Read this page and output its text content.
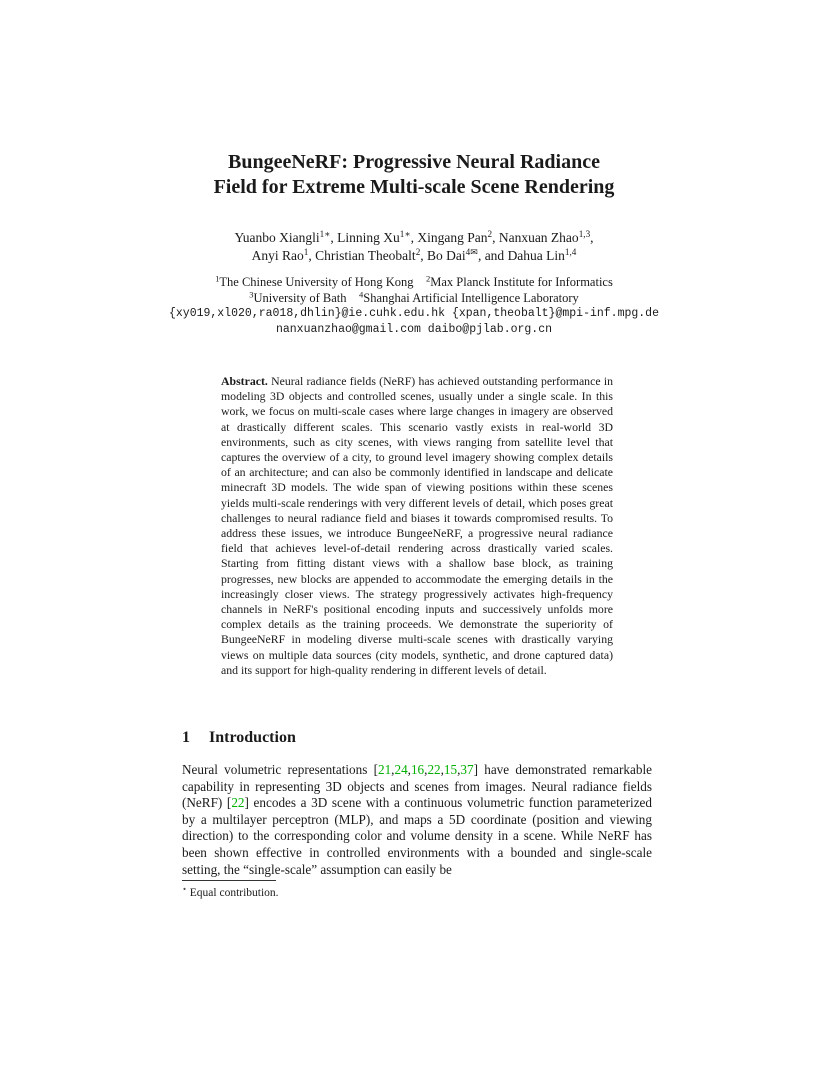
BungeeNeRF: Progressive Neural Radiance
Field for Extreme Multi-scale Scene Rendering
Yuanbo Xiangli$^{1∗}$, Linning $Xu^{1∗}$, Xingang Pan$^2$, Nanxuan Zhao$^{1,3}$,
Anyi Rao$^1$, Christian Theobalt$^2$, Bo Dai$^{4✉}$, and Dahua Lin$^{1,4}$
$^1$The Chinese University of Hong Kong $^2$Max Planck Institute for Informatics
$^3$University of Bath $^4$Shanghai Artificial Intelligence Laboratory
{xy019,xl020,ra018,dhlin}@ie.cuhk.edu.hk {xpan,theobalt}@mpi-inf.mpg.de
nanxuanzhao@gmail.com daibo@pjlab.org.cn
Abstract. Neural radiance fields (NeRF) has achieved outstanding performance in modeling 3D objects and controlled scenes, usually under a single scale. In this work, we focus on multi-scale cases where large changes in imagery are observed at drastically different scales. This scenario vastly exists in real-world 3D environments, such as city scenes, with views ranging from satellite level that captures the overview of a city, to ground level imagery showing complex details of an architecture; and can also be commonly identified in landscape and delicate minecraft 3D models. The wide span of viewing positions within these scenes yields multi-scale renderings with very different levels of detail, which poses great challenges to neural radiance field and biases it towards compromised results. To address these issues, we introduce BungeeNeRF, a progressive neural radiance field that achieves level-of-detail rendering across drastically varied scales. Starting from fitting distant views with a shallow base block, as training progresses, new blocks are appended to accommodate the emerging details in the increasingly closer views. The strategy progressively activates high-frequency channels in NeRF's positional encoding inputs and successively unfolds more complex details as the training proceeds. We demonstrate the superiority of BungeeNeRF in modeling diverse multi-scale scenes with drastically varying views on multiple data sources (city models, synthetic, and drone captured data) and its support for high-quality rendering in different levels of detail.
1 Introduction
Neural volumetric representations [21,24,16,22,15,37] have demonstrated remarkable capability in representing 3D objects and scenes from images. Neural radiance fields (NeRF) [22] encodes a 3D scene with a continuous volumetric function parameterized by a multilayer perceptron (MLP), and maps a 5D coordinate (position and viewing direction) to the corresponding color and volume density in a scene. While NeRF has been shown effective in controlled environments with a bounded and single-scale setting, the “single-scale” assumption can easily be
⋆ Equal contribution.
